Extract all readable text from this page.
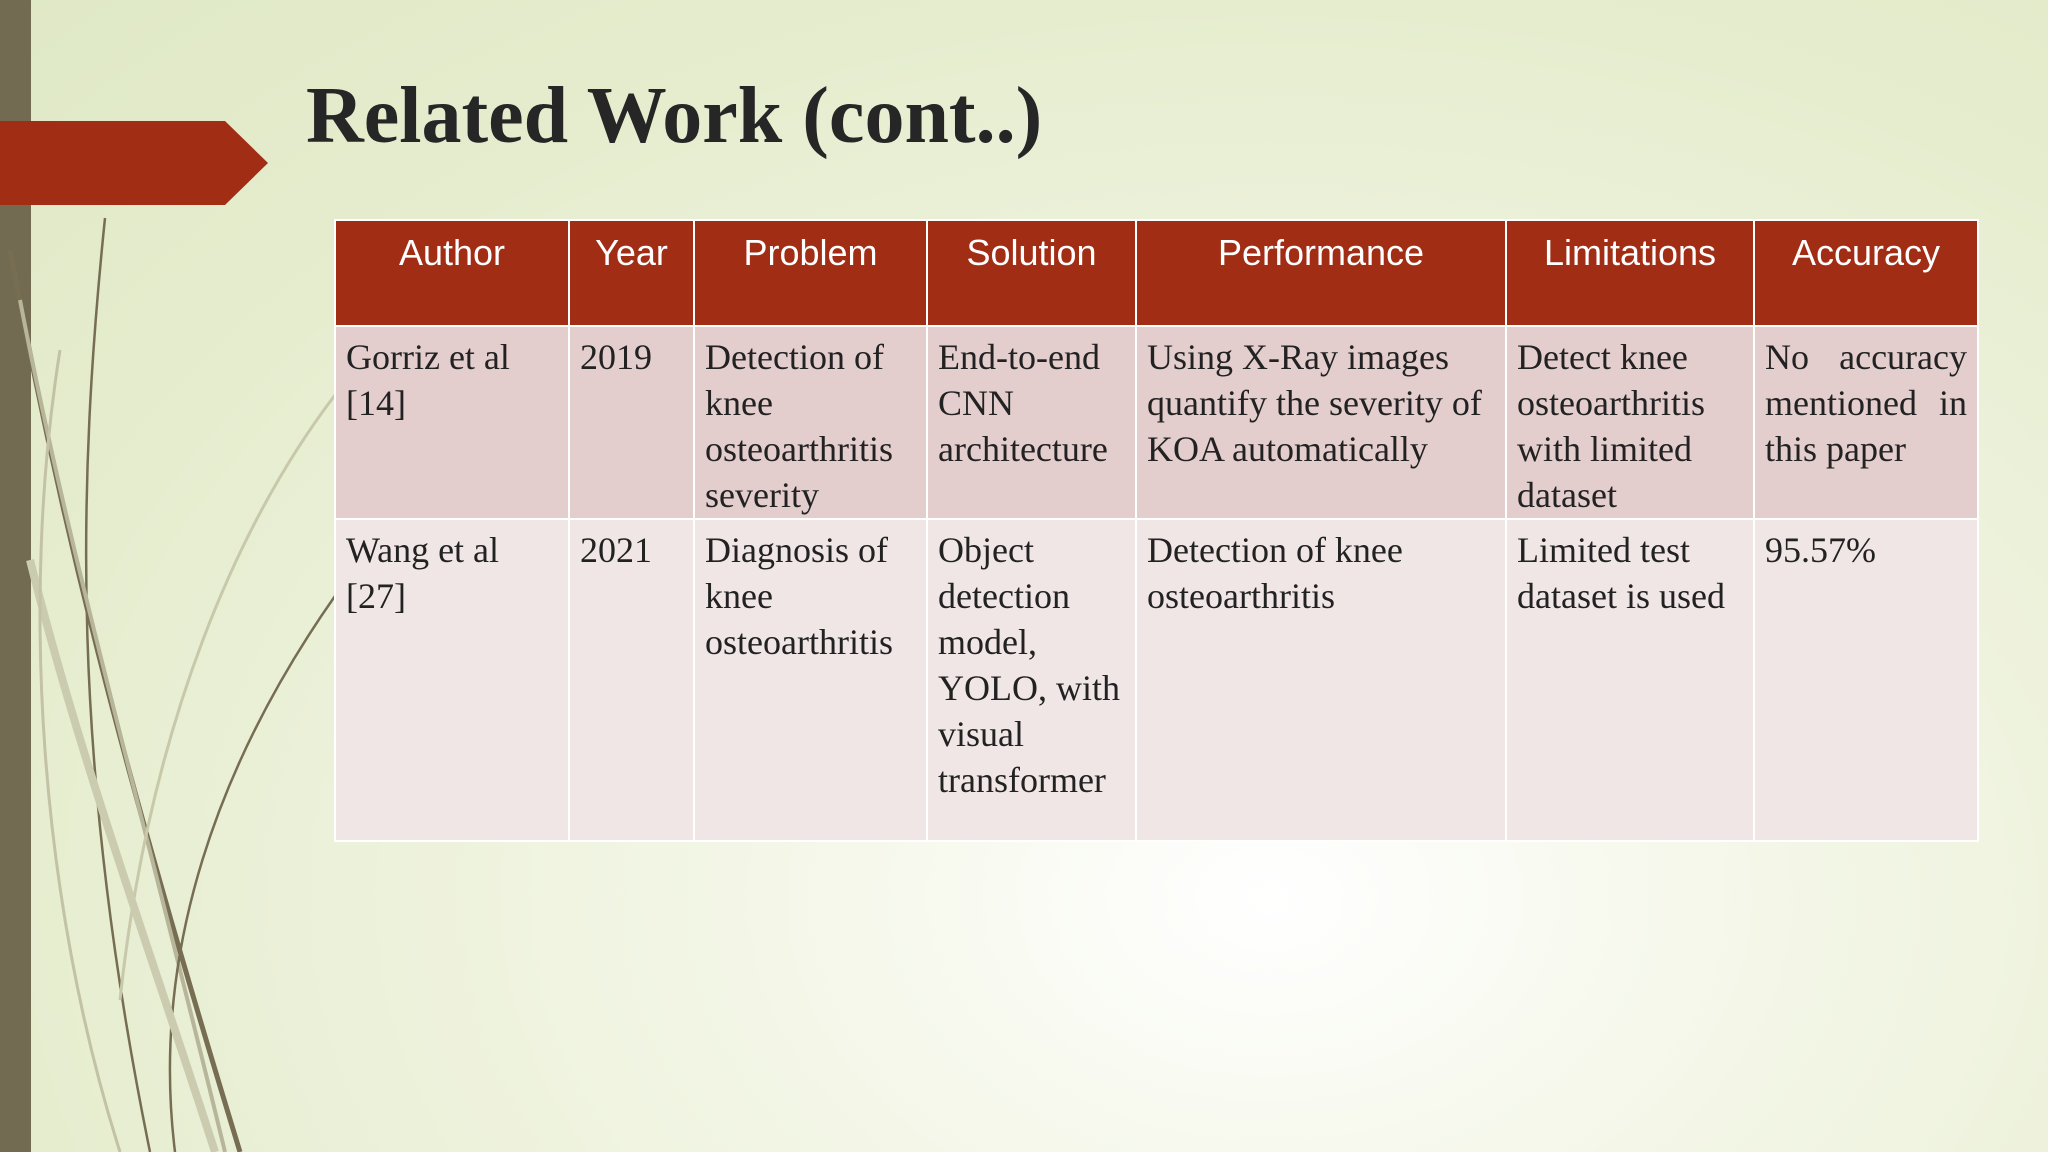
Related Work (cont..)
Author	Year	Problem	Solution	Performance	Limitations	Accuracy
Gorriz et al [14]	2019	Detection of knee osteoarthritis severity	End-to-end CNN architecture	Using X-Ray images quantify the severity of KOA automatically	Detect knee osteoarthritis with limited dataset	No accuracy mentioned in this paper
Wang et al [27]	2021	Diagnosis of knee osteoarthritis	Object detection model, YOLO, with visual transformer	Detection of knee osteoarthritis	Limited test dataset is used	95.57%
